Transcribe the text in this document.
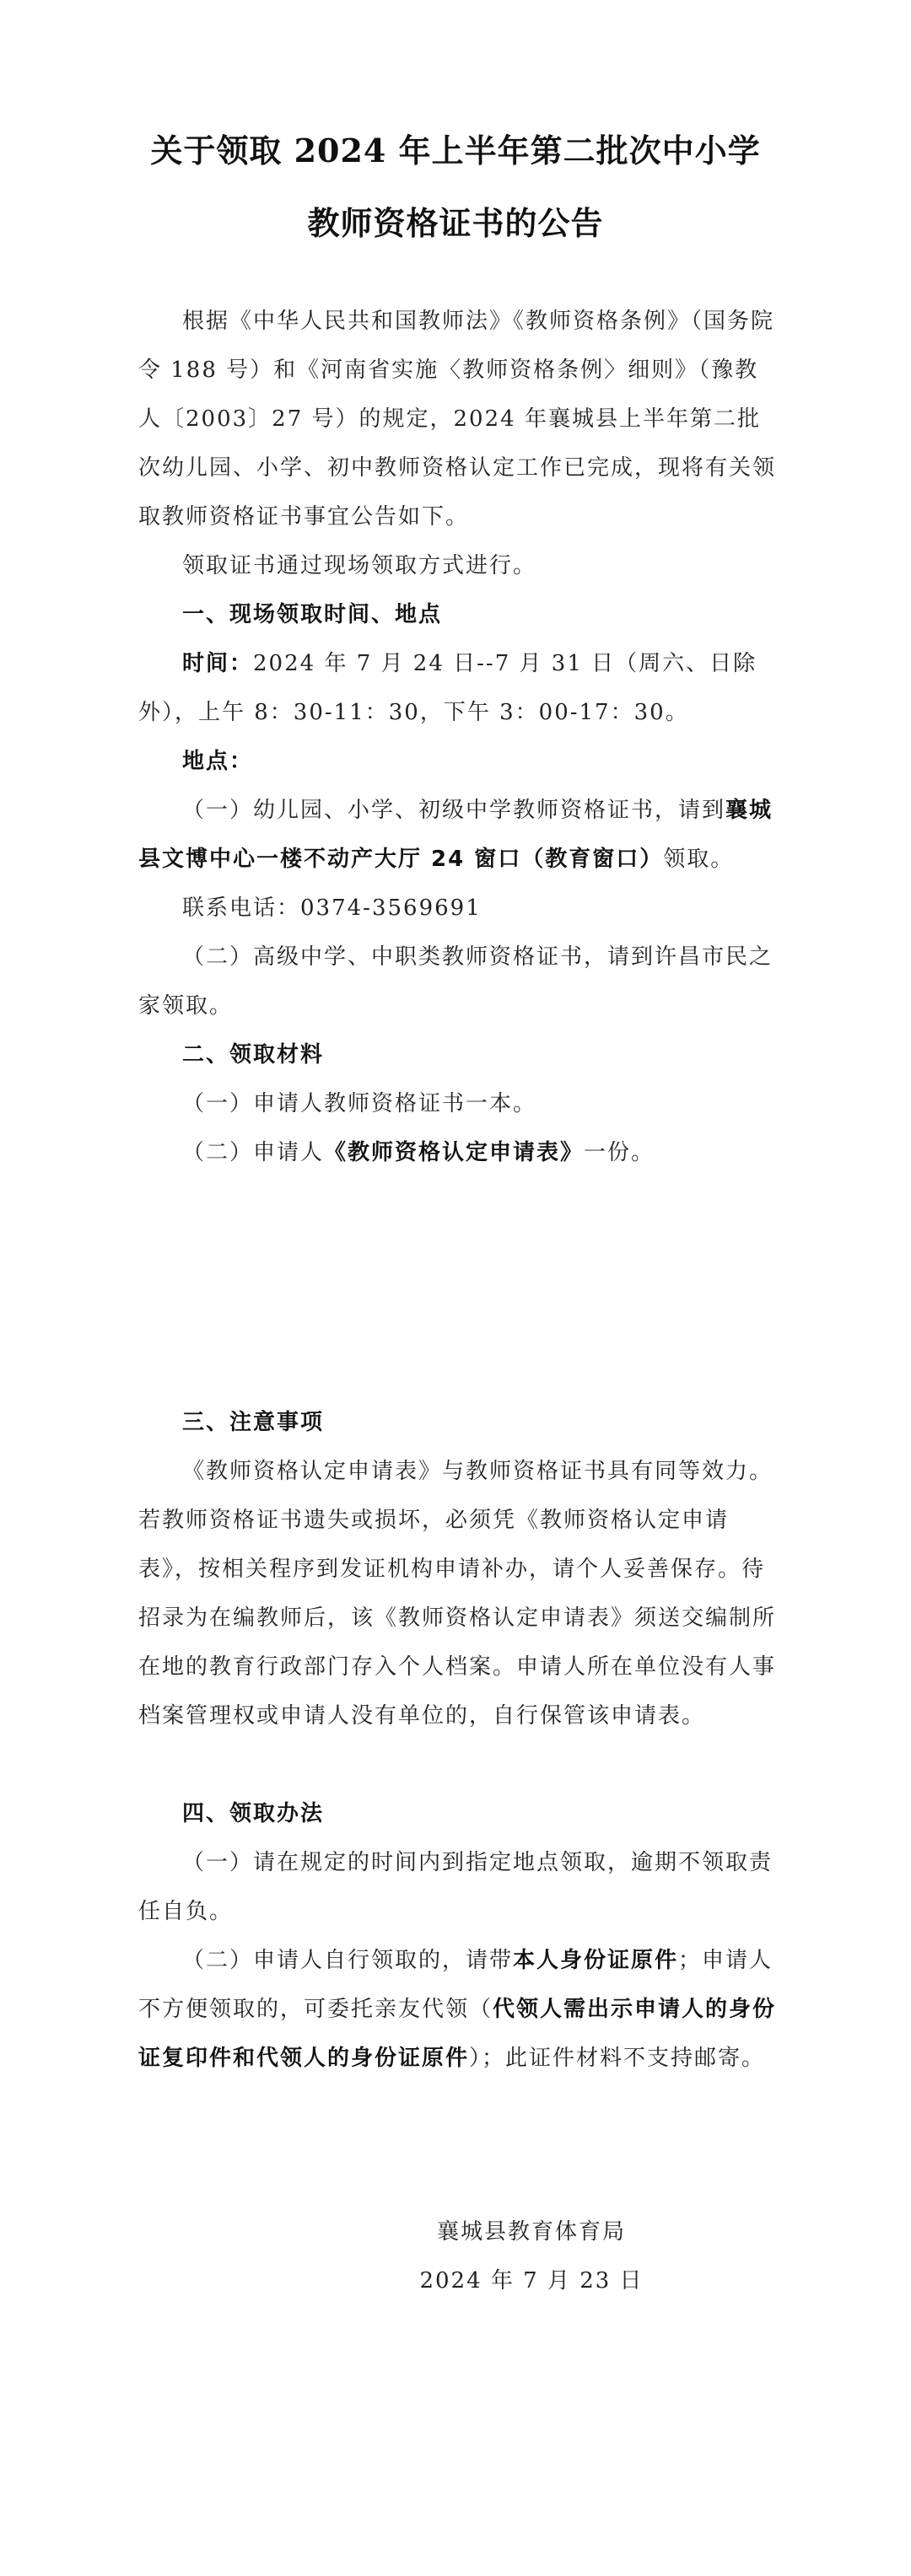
关于领取 2024 年上半年第二批次中小学
教师资格证书的公告
根据《中华人民共和国教师法》《教师资格条例》（国务院令 188 号）和《河南省实施〈教师资格条例〉细则》（豫教人〔2003〕27 号）的规定，2024 年襄城县上半年第二批次幼儿园、小学、初中教师资格认定工作已完成，现将有关领取教师资格证书事宜公告如下。
领取证书通过现场领取方式进行。
一、现场领取时间、地点
时间：2024 年 7 月 24 日--7 月 31 日（周六、日除外），上午 8：30-11：30，下午 3：00-17：30。
地点：
（一）幼儿园、小学、初级中学教师资格证书，请到襄城县文博中心一楼不动产大厅 24 窗口（教育窗口）领取。
联系电话：0374-3569691
（二）高级中学、中职类教师资格证书，请到许昌市民之家领取。
二、领取材料
（一）申请人教师资格证书一本。
（二）申请人《教师资格认定申请表》一份。
三、注意事项
《教师资格认定申请表》与教师资格证书具有同等效力。若教师资格证书遗失或损坏，必须凭《教师资格认定申请表》，按相关程序到发证机构申请补办，请个人妥善保存。待招录为在编教师后，该《教师资格认定申请表》须送交编制所在地的教育行政部门存入个人档案。申请人所在单位没有人事档案管理权或申请人没有单位的，自行保管该申请表。
四、领取办法
（一）请在规定的时间内到指定地点领取，逾期不领取责任自负。
（二）申请人自行领取的，请带本人身份证原件；申请人不方便领取的，可委托亲友代领（代领人需出示申请人的身份证复印件和代领人的身份证原件）；此证件材料不支持邮寄。
襄城县教育体育局
2024 年 7 月 23 日
